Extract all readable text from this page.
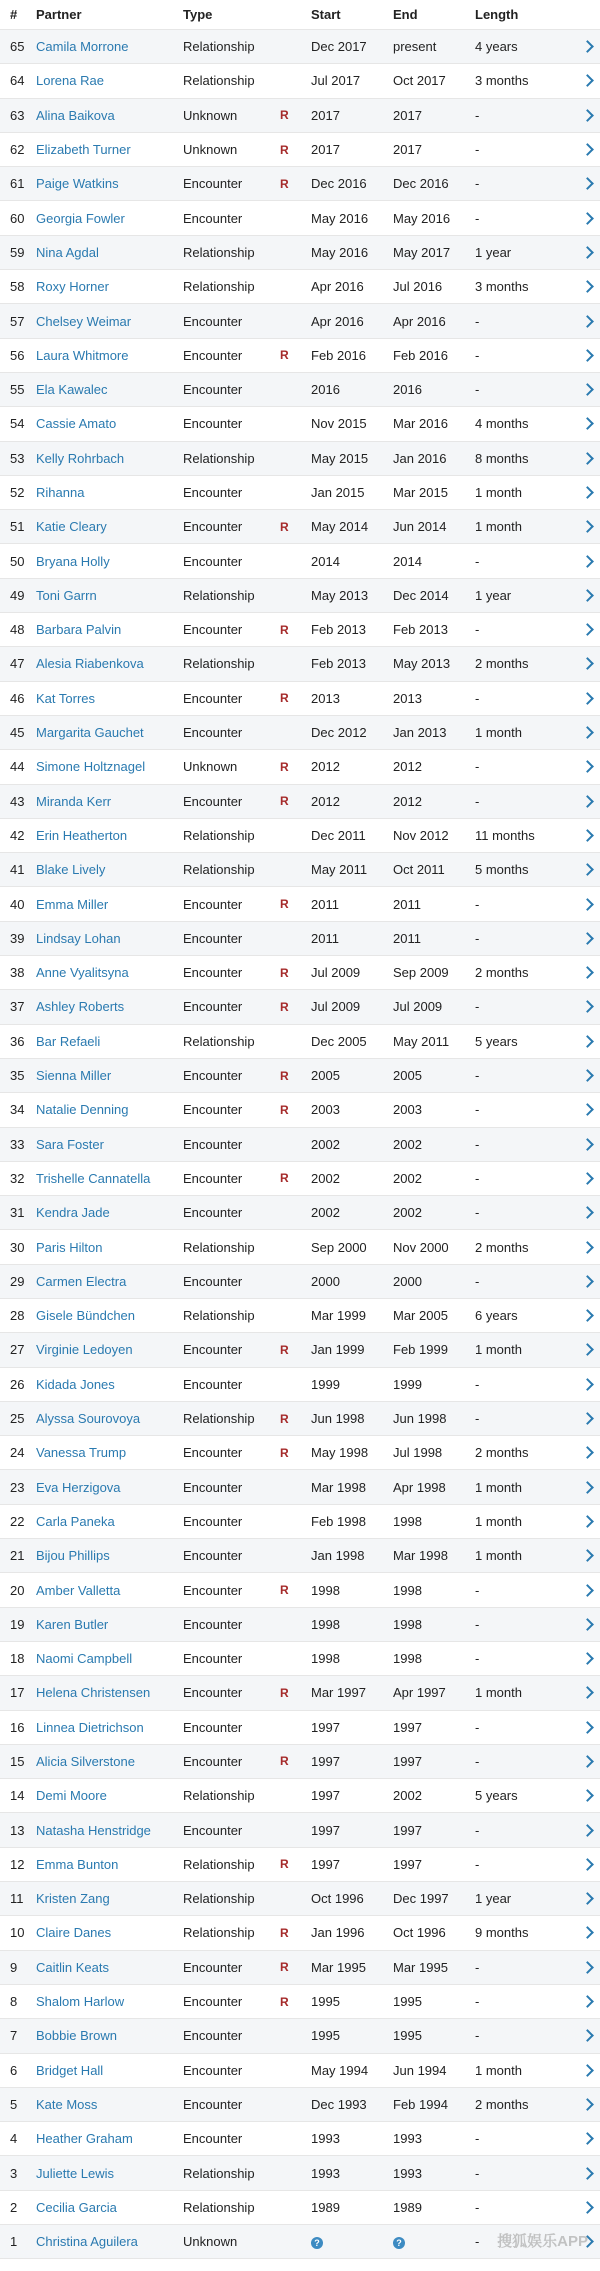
#	Partner	Type	Start	End	Length
65 Camila Morrone	Relationship	Dec 2017	present	4 years
64 Lorena Rae	Relationship	Jul 2017	Oct 2017	3 months
63 Alina Baikova	Unknown	R	2017	2017	-
62 Elizabeth Turner	Unknown	R	2017	2017	-
61 Paige Watkins	Encounter	R	Dec 2016	Dec 2016	-
60 Georgia Fowler	Encounter	May 2016	May 2016	-
59 Nina Agdal	Relationship	May 2016	May 2017	1 year
58 Roxy Horner	Relationship	Apr 2016	Jul 2016	3 months
57 Chelsey Weimar	Encounter	Apr 2016	Apr 2016	-
56 Laura Whitmore	Encounter	R	Feb 2016	Feb 2016	-
55 Ela Kawalec	Encounter	2016	2016	-
54 Cassie Amato	Encounter	Nov 2015	Mar 2016	4 months
53 Kelly Rohrbach	Relationship	May 2015	Jan 2016	8 months
52 Rihanna	Encounter	Jan 2015	Mar 2015	1 month
51 Katie Cleary	Encounter	R	May 2014	Jun 2014	1 month
50 Bryana Holly	Encounter	2014	2014	-
49 Toni Garrn	Relationship	May 2013	Dec 2014	1 year
48 Barbara Palvin	Encounter	R	Feb 2013	Feb 2013	-
47 Alesia Riabenkova	Relationship	Feb 2013	May 2013	2 months
46 Kat Torres	Encounter	R	2013	2013	-
45 Margarita Gauchet	Encounter	Dec 2012	Jan 2013	1 month
44 Simone Holtznagel	Unknown	R	2012	2012	-
43 Miranda Kerr	Encounter	R	2012	2012	-
42 Erin Heatherton	Relationship	Dec 2011	Nov 2012	11 months
41 Blake Lively	Relationship	May 2011	Oct 2011	5 months
40 Emma Miller	Encounter	R	2011	2011	-
39 Lindsay Lohan	Encounter	2011	2011	-
38 Anne Vyalitsyna	Encounter	R	Jul 2009	Sep 2009	2 months
37 Ashley Roberts	Encounter	R	Jul 2009	Jul 2009	-
36 Bar Refaeli	Relationship	Dec 2005	May 2011	5 years
35 Sienna Miller	Encounter	R	2005	2005	-
34 Natalie Denning	Encounter	R	2003	2003	-
33 Sara Foster	Encounter	2002	2002	-
32 Trishelle Cannatella	Encounter	R	2002	2002	-
31 Kendra Jade	Encounter	2002	2002	-
30 Paris Hilton	Relationship	Sep 2000	Nov 2000	2 months
29 Carmen Electra	Encounter	2000	2000	-
28 Gisele Bündchen	Relationship	Mar 1999	Mar 2005	6 years
27 Virginie Ledoyen	Encounter	R	Jan 1999	Feb 1999	1 month
26 Kidada Jones	Encounter	1999	1999	-
25 Alyssa Sourovoya	Relationship	R	Jun 1998	Jun 1998	-
24 Vanessa Trump	Encounter	R	May 1998	Jul 1998	2 months
23 Eva Herzigova	Encounter	Mar 1998	Apr 1998	1 month
22 Carla Paneka	Encounter	Feb 1998	1998	1 month
21 Bijou Phillips	Encounter	Jan 1998	Mar 1998	1 month
20 Amber Valletta	Encounter	R	1998	1998	-
19 Karen Butler	Encounter	1998	1998	-
18 Naomi Campbell	Encounter	1998	1998	-
17 Helena Christensen	Encounter	R	Mar 1997	Apr 1997	1 month
16 Linnea Dietrichson	Encounter	1997	1997	-
15 Alicia Silverstone	Encounter	R	1997	1997	-
14 Demi Moore	Relationship	1997	2002	5 years
13 Natasha Henstridge	Encounter	1997	1997	-
12 Emma Bunton	Relationship	R	1997	1997	-
11 Kristen Zang	Relationship	Oct 1996	Dec 1997	1 year
10 Claire Danes	Relationship	R	Jan 1996	Oct 1996	9 months
9	Caitlin Keats	Encounter	R	Mar 1995	Mar 1995	-
8	Shalom Harlow	Encounter	R	1995	1995	-
7	Bobbie Brown	Encounter	1995	1995	-
6	Bridget Hall	Encounter	May 1994	Jun 1994	1 month
5	Kate Moss	Encounter	Dec 1993	Feb 1994	2 months
4	Heather Graham	Encounter	1993	1993	-
3	Juliette Lewis	Relationship	1993	1993	-
2	Cecilia Garcia	Relationship	1989	1989	-
1	Christina Aguilera	Unknown	?	?	-	搜狐娱乐APP
